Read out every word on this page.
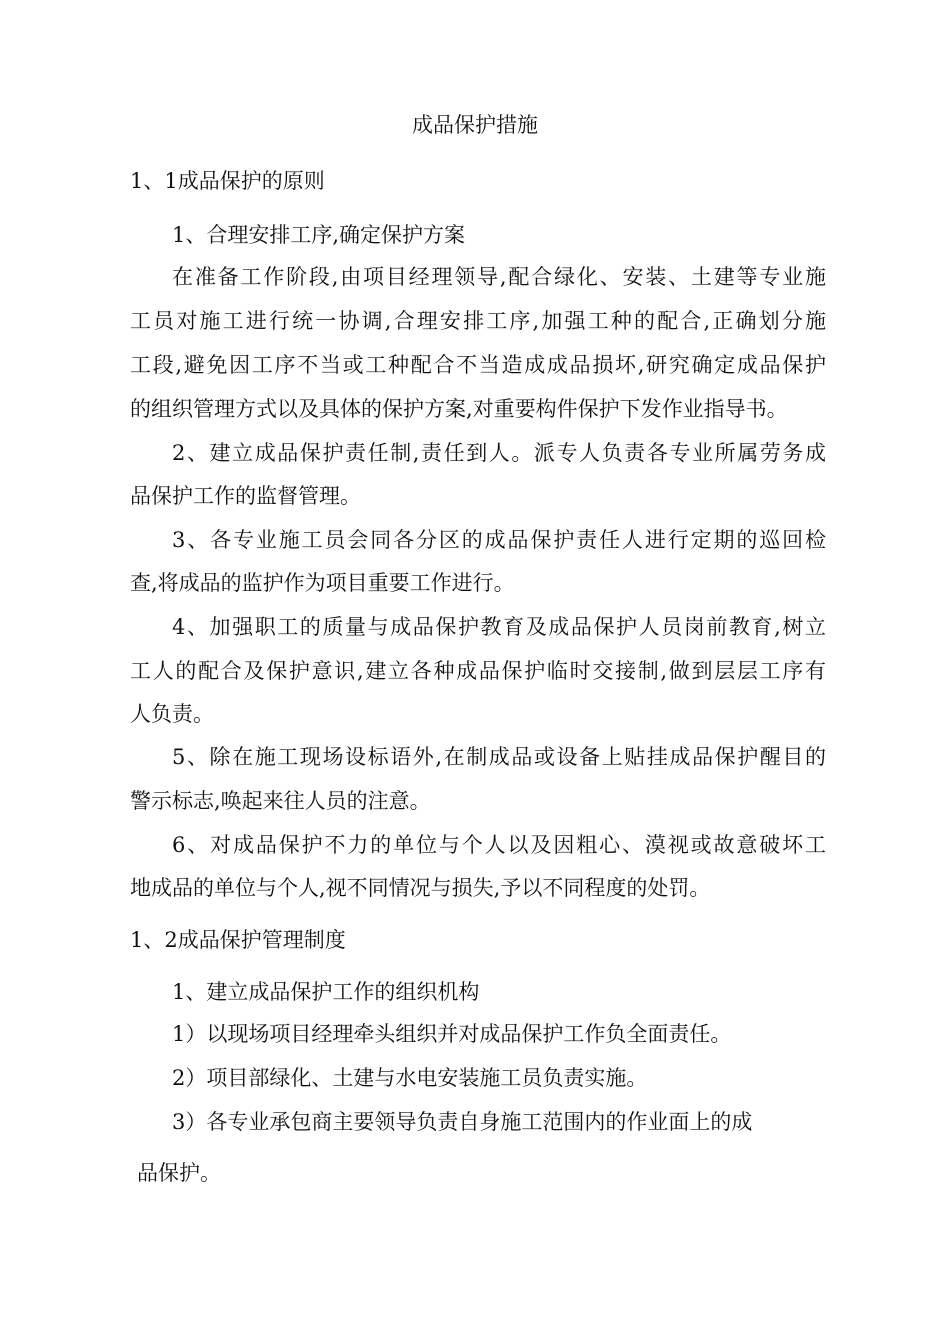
成品保护措施
1、1成品保护的原则
1、合理安排工序,确定保护方案
在准备工作阶段,由项目经理领导,配合绿化、安装、土建等专业施
工员对施工进行统一协调,合理安排工序,加强工种的配合,正确划分施
工段,避免因工序不当或工种配合不当造成成品损坏,研究确定成品保护
的组织管理方式以及具体的保护方案,对重要构件保护下发作业指导书。
2、建立成品保护责任制,责任到人。派专人负责各专业所属劳务成
品保护工作的监督管理。
3、各专业施工员会同各分区的成品保护责任人进行定期的巡回检
查,将成品的监护作为项目重要工作进行。
4、加强职工的质量与成品保护教育及成品保护人员岗前教育,树立
工人的配合及保护意识,建立各种成品保护临时交接制,做到层层工序有
人负责。
5、除在施工现场设标语外,在制成品或设备上贴挂成品保护醒目的
警示标志,唤起来往人员的注意。
6、对成品保护不力的单位与个人以及因粗心、漠视或故意破坏工
地成品的单位与个人,视不同情况与损失,予以不同程度的处罚。
1、2成品保护管理制度
1、建立成品保护工作的组织机构
1）以现场项目经理牵头组织并对成品保护工作负全面责任。
2）项目部绿化、土建与水电安装施工员负责实施。
3）各专业承包商主要领导负责自身施工范围内的作业面上的成
品保护。
